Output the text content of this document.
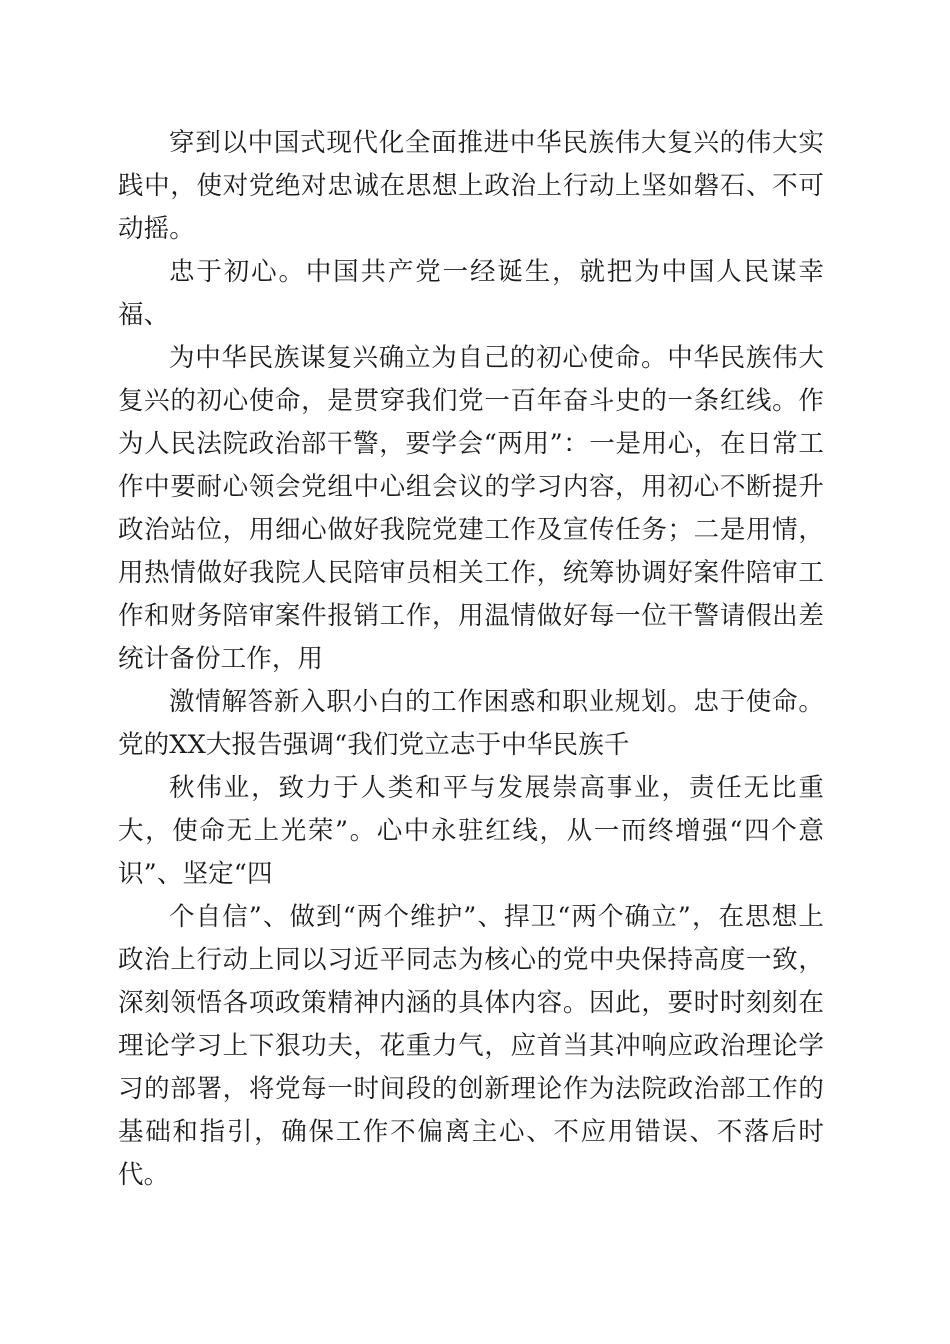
穿到以中国式现代化全面推进中华民族伟大复兴的伟大实践中，使对党绝对忠诚在思想上政治上行动上坚如磐石、不可动摇。

忠于初心。中国共产党一经诞生，就把为中国人民谋幸福、

为中华民族谋复兴确立为自己的初心使命。中华民族伟大复兴的初心使命，是贯穿我们党一百年奋斗史的一条红线。作为人民法院政治部干警，要学会“两用”：一是用心，在日常工作中要耐心领会党组中心组会议的学习内容，用初心不断提升政治站位，用细心做好我院党建工作及宣传任务；二是用情，用热情做好我院人民陪审员相关工作，统筹协调好案件陪审工作和财务陪审案件报销工作，用温情做好每一位干警请假出差统计备份工作，用

激情解答新入职小白的工作困惑和职业规划。忠于使命。党的XX大报告强调“我们党立志于中华民族千

秋伟业，致力于人类和平与发展崇高事业，责任无比重大，使命无上光荣”。心中永驻红线，从一而终增强“四个意识”、坚定“四

个自信”、做到“两个维护”、捍卫“两个确立”，在思想上政治上行动上同以习近平同志为核心的党中央保持高度一致，深刻领悟各项政策精神内涵的具体内容。因此，要时时刻刻在理论学习上下狠功夫，花重力气，应首当其冲响应政治理论学习的部署，将党每一时间段的创新理论作为法院政治部工作的基础和指引，确保工作不偏离主心、不应用错误、不落后时代。
